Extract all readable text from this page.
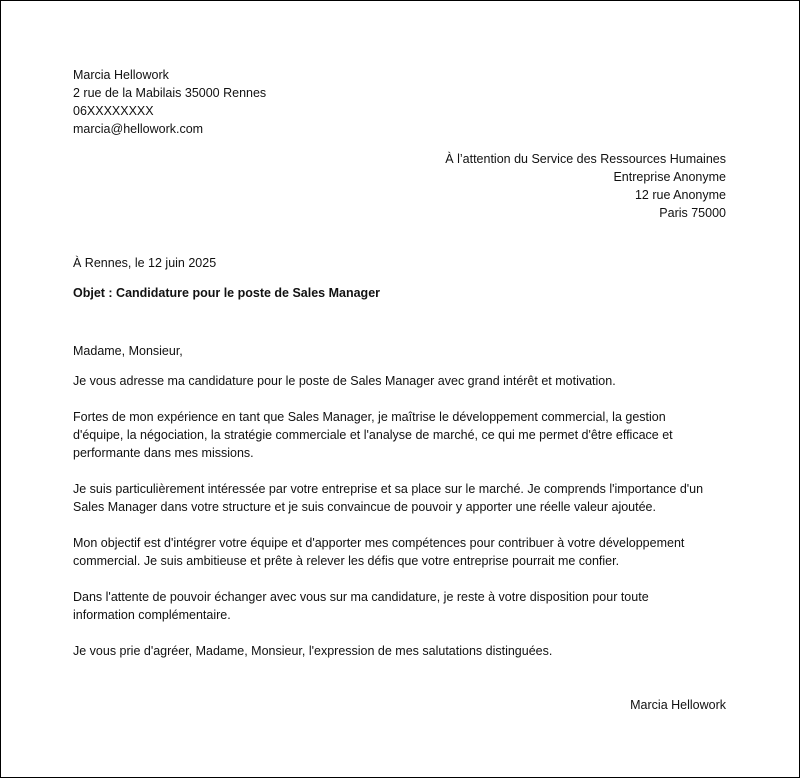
Marcia Hellowork
2 rue de la Mabilais 35000 Rennes
06XXXXXXXX
marcia@hellowork.com
À l’attention du Service des Ressources Humaines
Entreprise Anonyme
12 rue Anonyme
Paris 75000
À Rennes, le 12 juin 2025
Objet : Candidature pour le poste de Sales Manager
Madame, Monsieur,
Je vous adresse ma candidature pour le poste de Sales Manager avec grand intérêt et motivation.
Fortes de mon expérience en tant que Sales Manager, je maîtrise le développement commercial, la gestion
d'équipe, la négociation, la stratégie commerciale et l'analyse de marché, ce qui me permet d'être efficace et
performante dans mes missions.
Je suis particulièrement intéressée par votre entreprise et sa place sur le marché. Je comprends l'importance d'un
Sales Manager dans votre structure et je suis convaincue de pouvoir y apporter une réelle valeur ajoutée.
Mon objectif est d'intégrer votre équipe et d'apporter mes compétences pour contribuer à votre développement
commercial. Je suis ambitieuse et prête à relever les défis que votre entreprise pourrait me confier.
Dans l'attente de pouvoir échanger avec vous sur ma candidature, je reste à votre disposition pour toute
information complémentaire.
Je vous prie d'agréer, Madame, Monsieur, l'expression de mes salutations distinguées.
Marcia Hellowork
